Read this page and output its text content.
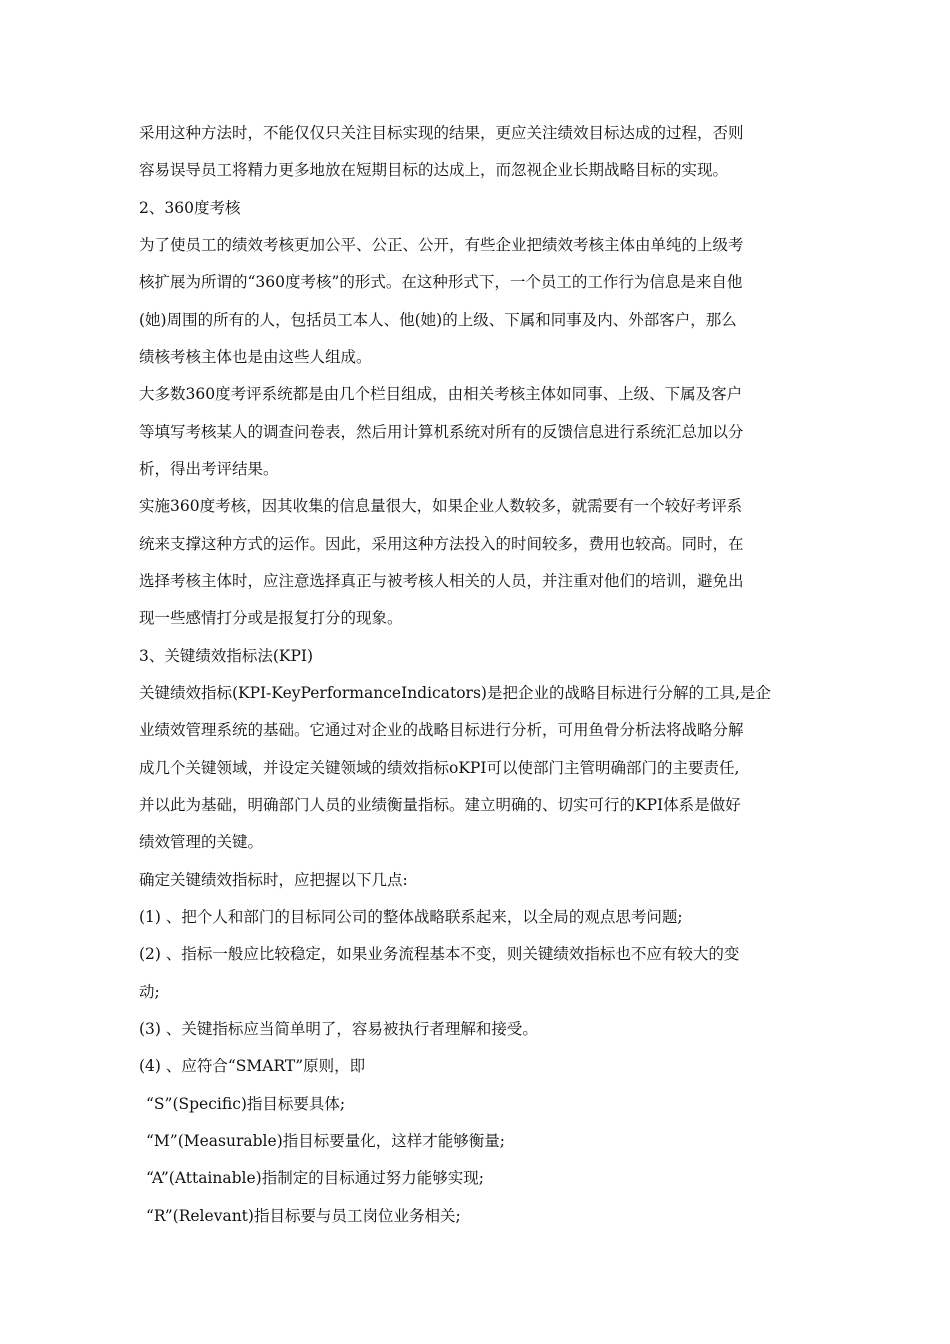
采用这种方法时，不能仅仅只关注目标实现的结果，更应关注绩效目标达成的过程，否则
容易误导员工将精力更多地放在短期目标的达成上，而忽视企业长期战略目标的实现。
2、360度考核
为了使员工的绩效考核更加公平、公正、公开，有些企业把绩效考核主体由单纯的上级考
核扩展为所谓的“360度考核”的形式。在这种形式下，一个员工的工作行为信息是来自他
(她)周围的所有的人，包括员工本人、他(她)的上级、下属和同事及内、外部客户，那么
绩核考核主体也是由这些人组成。
大多数360度考评系统都是由几个栏目组成，由相关考核主体如同事、上级、下属及客户
等填写考核某人的调查问卷表，然后用计算机系统对所有的反馈信息进行系统汇总加以分
析，得出考评结果。
实施360度考核，因其收集的信息量很大，如果企业人数较多，就需要有一个较好考评系
统来支撑这种方式的运作。因此，采用这种方法投入的时间较多，费用也较高。同时，在
选择考核主体时，应注意选择真正与被考核人相关的人员，并注重对他们的培训，避免出
现一些感情打分或是报复打分的现象。
3、关键绩效指标法(KPI)
关键绩效指标(KPI-KeyPerformanceIndicators)是把企业的战略目标进行分解的工具,是企
业绩效管理系统的基础。它通过对企业的战略目标进行分析，可用鱼骨分析法将战略分解
成几个关键领域，并设定关键领域的绩效指标oKPI可以使部门主管明确部门的主要责任,
并以此为基础，明确部门人员的业绩衡量指标。建立明确的、切实可行的KPI体系是做好
绩效管理的关键。
确定关键绩效指标时，应把握以下几点:
(1) 、把个人和部门的目标同公司的整体战略联系起来，以全局的观点思考问题;
(2) 、指标一般应比较稳定，如果业务流程基本不变，则关键绩效指标也不应有较大的变
动;
(3) 、关键指标应当简单明了，容易被执行者理解和接受。
(4) 、应符合“SMART”原则，即
“S”(Specific)指目标要具体;
“M”(Measurable)指目标要量化，这样才能够衡量;
“A”(Attainable)指制定的目标通过努力能够实现;
“R”(Relevant)指目标要与员工岗位业务相关;
